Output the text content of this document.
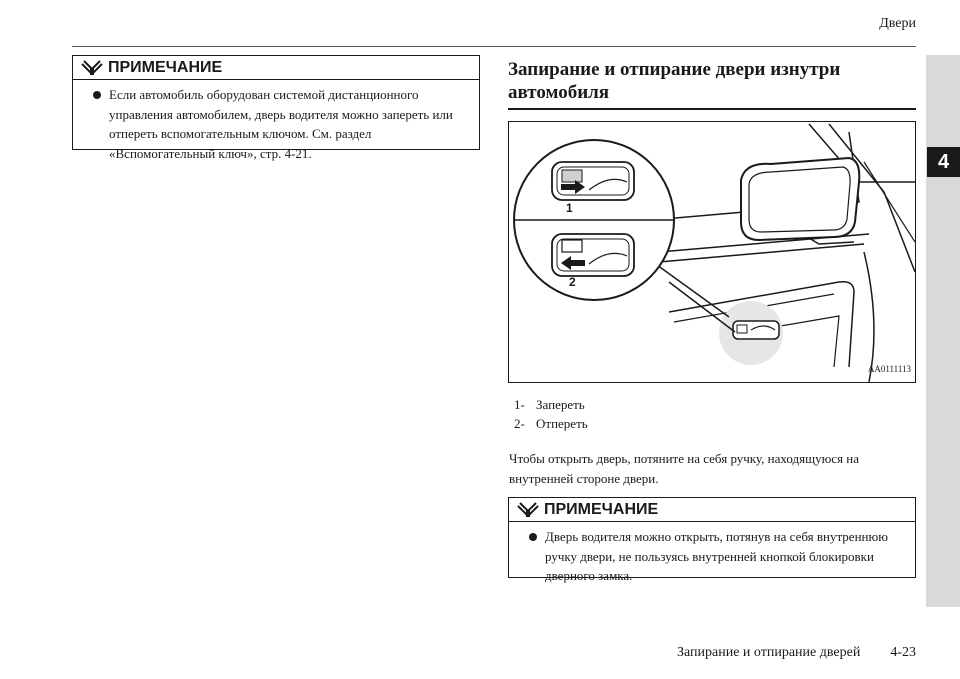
Двери
4
ПРИМЕЧАНИЕ
Если автомобиль оборудован системой дистанционного управления автомобилем, дверь водителя можно запереть или отпереть вспомогательным ключом. См. раздел «Вспомогательный ключ», стр. 4-21.
Запирание и отпирание двери изнутри автомобиля
1
2
AA0111113
1- Запереть
2- Отпереть
Чтобы открыть дверь, потяните на себя ручку, находящуюся на внутренней стороне двери.
ПРИМЕЧАНИЕ
Дверь водителя можно открыть, потянув на себя внутреннюю ручку двери, не пользуясь внутренней кнопкой блокировки дверного замка.
Запирание и отпирание дверей 4-23
